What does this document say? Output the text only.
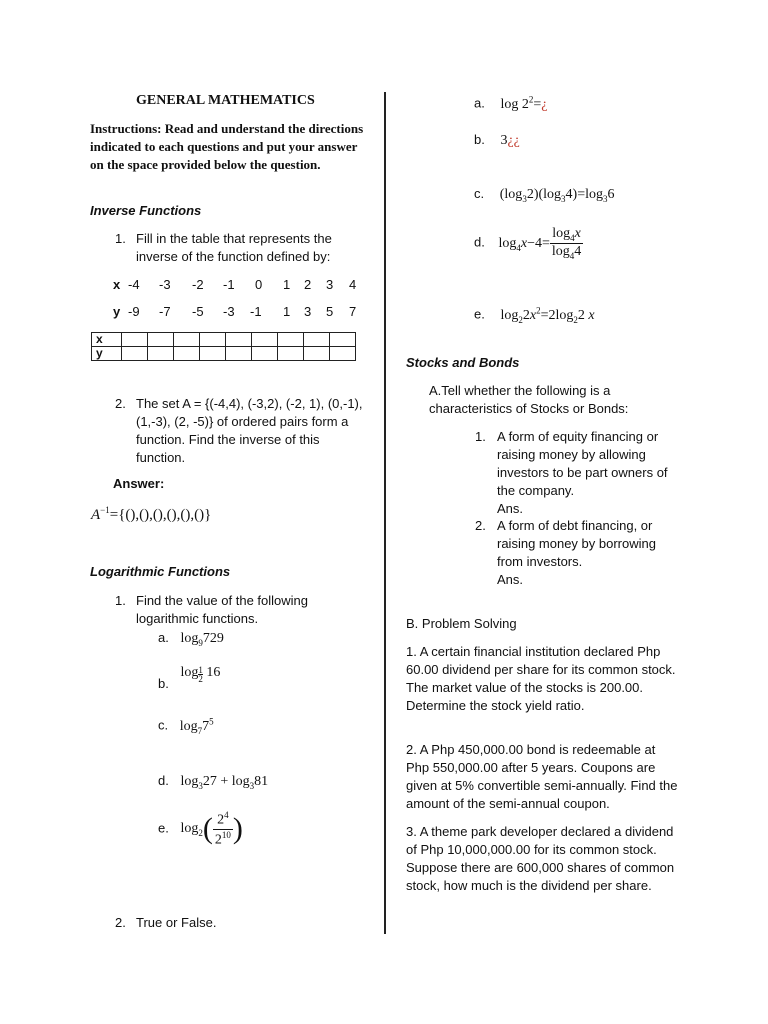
GENERAL MATHEMATICS
Instructions: Read and understand the directions indicated to each questions and put your answer on the space provided below the question.
Inverse Functions
1. Fill in the table that represents the inverse of the function defined by:
x -4 -3 -2 -1 0 1 2 3 4
y -9 -7 -5 -3 -1 1 3 5 7
x									
y									
2. The set A = {(-4,4), (-3,2), (-2, 1), (0,-1), (1,-3), (2, -5)} of ordered pairs form a function. Find the inverse of this function.
Answer:
$A^{-1}=\{(),(),(),(),(),()\}$
Logarithmic Functions
1. Find the value of the following logarithmic functions.
a. $\log_9729$
b. $\log \frac{1}{2} 16$
c. $\log_77^5$
d. $\log_327 + \log_381$
e. $\log_2( \frac{2^4}{2^{10}}$ )
2. True or False.
a. $\log 2^2=¿$
b. 3¿¿
c. $(\log_32)(\log_34)=\log_36$
d. $\log_4x-4= \frac{\log_4x}{\log_44}$
e. $\log_22x^2=2\log_22$ x
Stocks and Bonds
A.Tell whether the following is a characteristics of Stocks or Bonds:
1. A form of equity financing or raising money by allowing investors to be part owners of the company.
Ans.
2. A form of debt financing, or raising money by borrowing from investors.
Ans.
B. Problem Solving
1. A certain financial institution declared Php 60.00 dividend per share for its common stock. The market value of the stocks is 200.00. Determine the stock yield ratio.
2. A Php 450,000.00 bond is redeemable at Php 550,000.00 after 5 years. Coupons are given at 5% convertible semi-annually. Find the amount of the semi-annual coupon.
3. A theme park developer declared a dividend of Php 10,000,000.00 for its common stock. Suppose there are 600,000 shares of common stock, how much is the dividend per share.
